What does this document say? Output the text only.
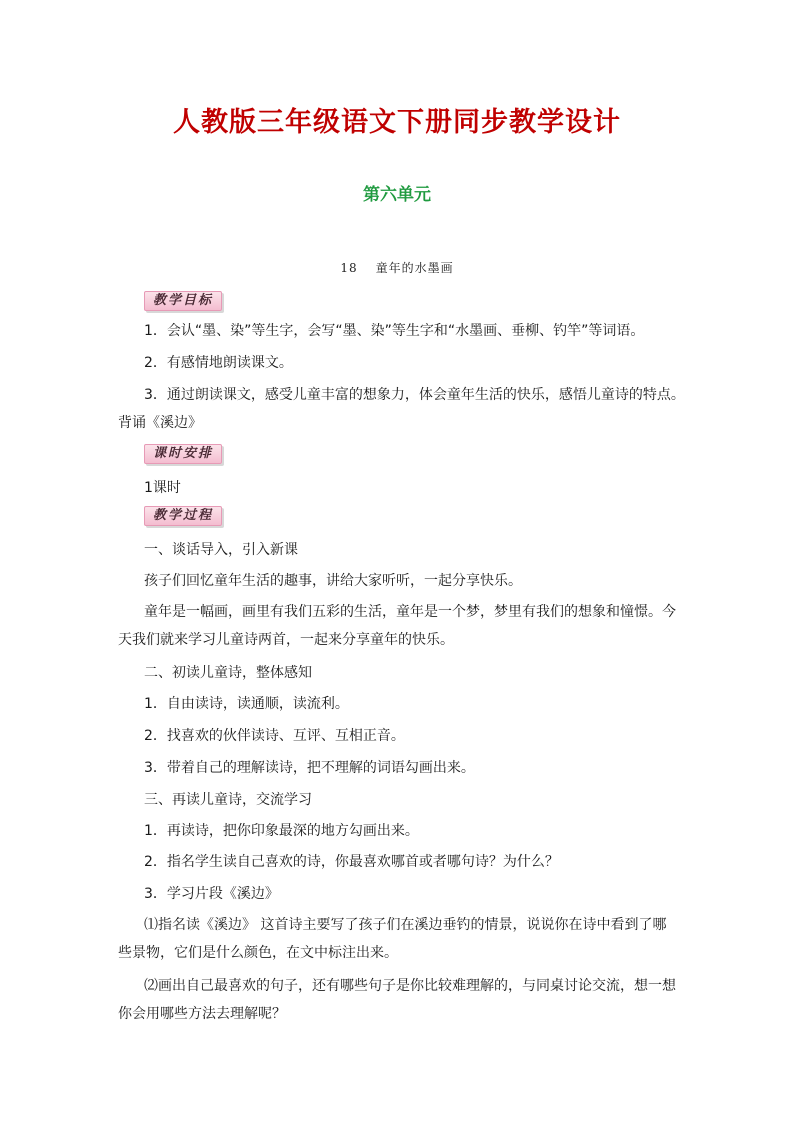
人教版三年级语文下册同步教学设计
第六单元
18 童年的水墨画
教学目标
1．会认“墨、染”等生字，会写“墨、染”等生字和“水墨画、垂柳、钓竿”等词语。
2．有感情地朗读课文。
3．通过朗读课文，感受儿童丰富的想象力，体会童年生活的快乐，感悟儿童诗的特点。
背诵《溪边》
课时安排
1课时
教学过程
一、谈话导入，引入新课
孩子们回忆童年生活的趣事，讲给大家听听，一起分享快乐。
童年是一幅画，画里有我们五彩的生活，童年是一个梦，梦里有我们的想象和憧憬。今
天我们就来学习儿童诗两首，一起来分享童年的快乐。
二、初读儿童诗，整体感知
1．自由读诗，读通顺，读流利。
2．找喜欢的伙伴读诗、互评、互相正音。
3．带着自己的理解读诗，把不理解的词语勾画出来。
三、再读儿童诗，交流学习
1．再读诗，把你印象最深的地方勾画出来。
2．指名学生读自己喜欢的诗，你最喜欢哪首或者哪句诗？为什么？
3．学习片段《溪边》
⑴指名读《溪边》 这首诗主要写了孩子们在溪边垂钓的情景，说说你在诗中看到了哪
些景物，它们是什么颜色，在文中标注出来。
⑵画出自己最喜欢的句子，还有哪些句子是你比较难理解的，与同桌讨论交流，想一想
你会用哪些方法去理解呢？
